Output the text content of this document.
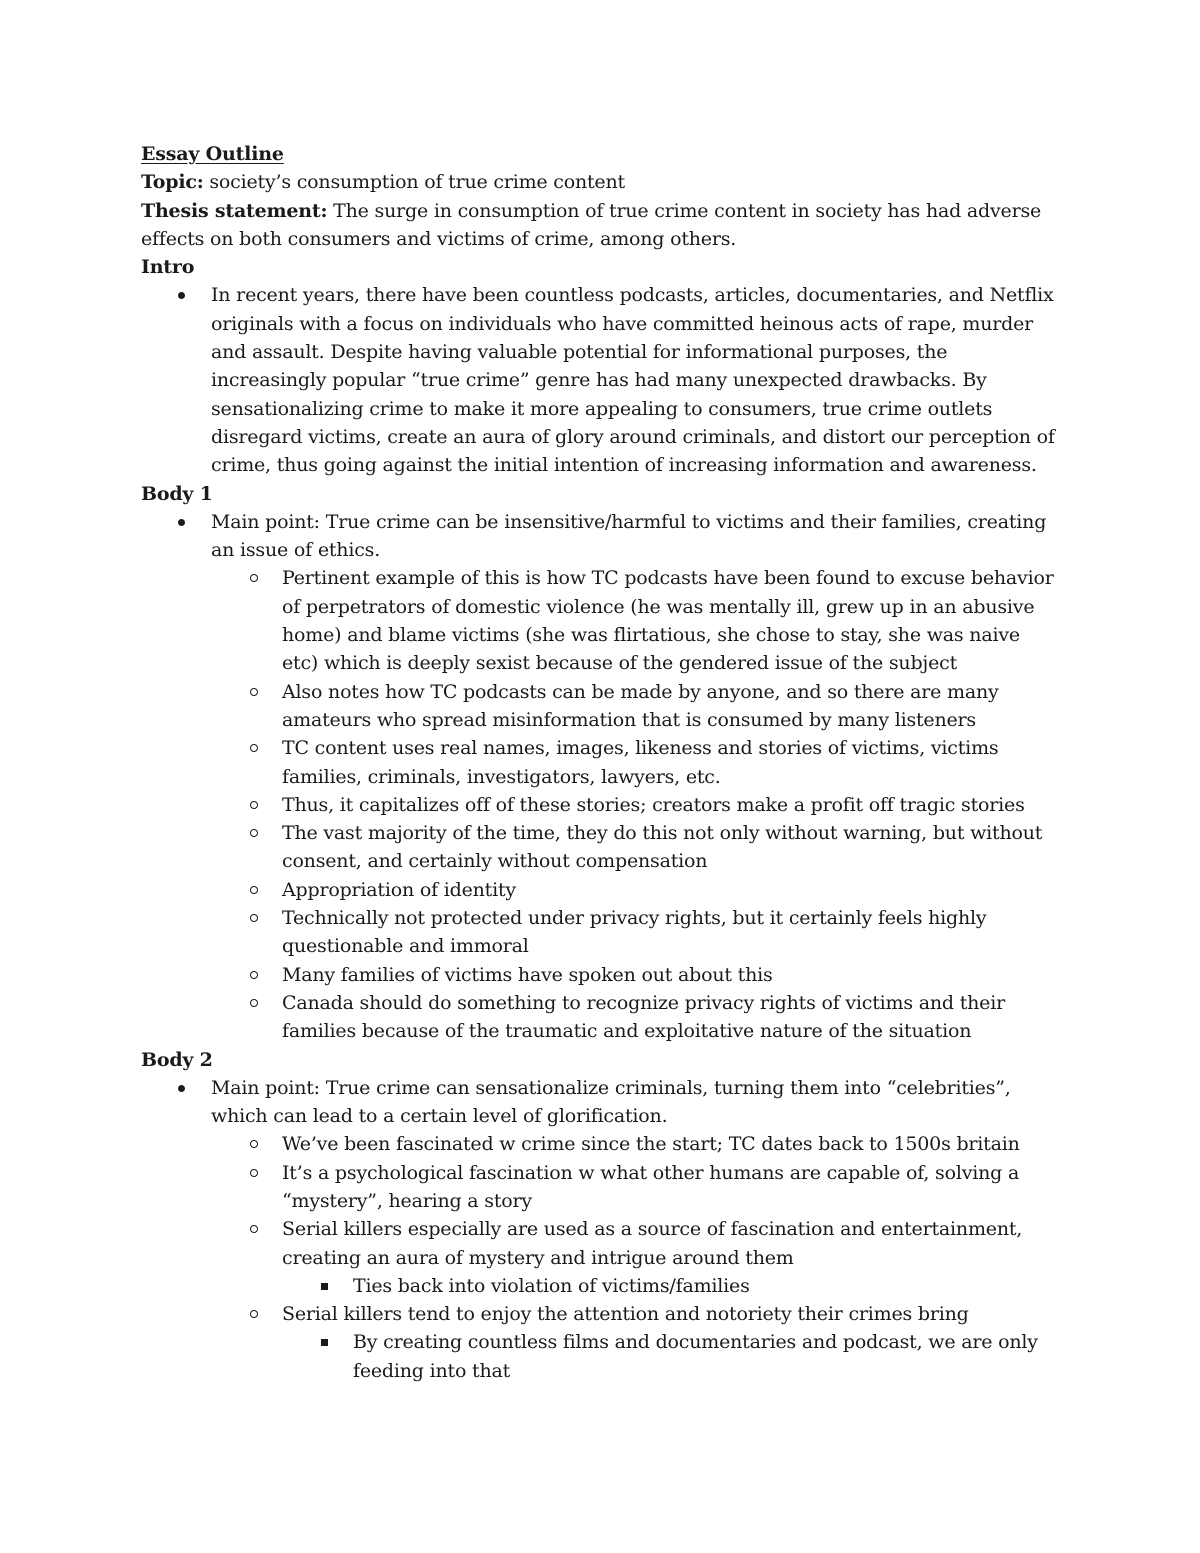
Essay Outline
Topic: society’s consumption of true crime content
Thesis statement: The surge in consumption of true crime content in society has had adverse effects on both consumers and victims of crime, among others.
Intro
In recent years, there have been countless podcasts, articles, documentaries, and Netflix originals with a focus on individuals who have committed heinous acts of rape, murder and assault. Despite having valuable potential for informational purposes, the increasingly popular “true crime” genre has had many unexpected drawbacks. By sensationalizing crime to make it more appealing to consumers, true crime outlets disregard victims, create an aura of glory around criminals, and distort our perception of crime, thus going against the initial intention of increasing information and awareness.
Body 1
Main point: True crime can be insensitive/harmful to victims and their families, creating an issue of ethics.
Pertinent example of this is how TC podcasts have been found to excuse behavior of perpetrators of domestic violence (he was mentally ill, grew up in an abusive home) and blame victims (she was flirtatious, she chose to stay, she was naive etc) which is deeply sexist because of the gendered issue of the subject
Also notes how TC podcasts can be made by anyone, and so there are many amateurs who spread misinformation that is consumed by many listeners
TC content uses real names, images, likeness and stories of victims, victims families, criminals, investigators, lawyers, etc.
Thus, it capitalizes off of these stories; creators make a profit off tragic stories
The vast majority of the time, they do this not only without warning, but without consent, and certainly without compensation
Appropriation of identity
Technically not protected under privacy rights, but it certainly feels highly questionable and immoral
Many families of victims have spoken out about this
Canada should do something to recognize privacy rights of victims and their families because of the traumatic and exploitative nature of the situation
Body 2
Main point: True crime can sensationalize criminals, turning them into “celebrities”, which can lead to a certain level of glorification.
We’ve been fascinated w crime since the start; TC dates back to 1500s britain
It’s a psychological fascination w what other humans are capable of, solving a “mystery”, hearing a story
Serial killers especially are used as a source of fascination and entertainment, creating an aura of mystery and intrigue around them
Ties back into violation of victims/families
Serial killers tend to enjoy the attention and notoriety their crimes bring
By creating countless films and documentaries and podcast, we are only feeding into that
